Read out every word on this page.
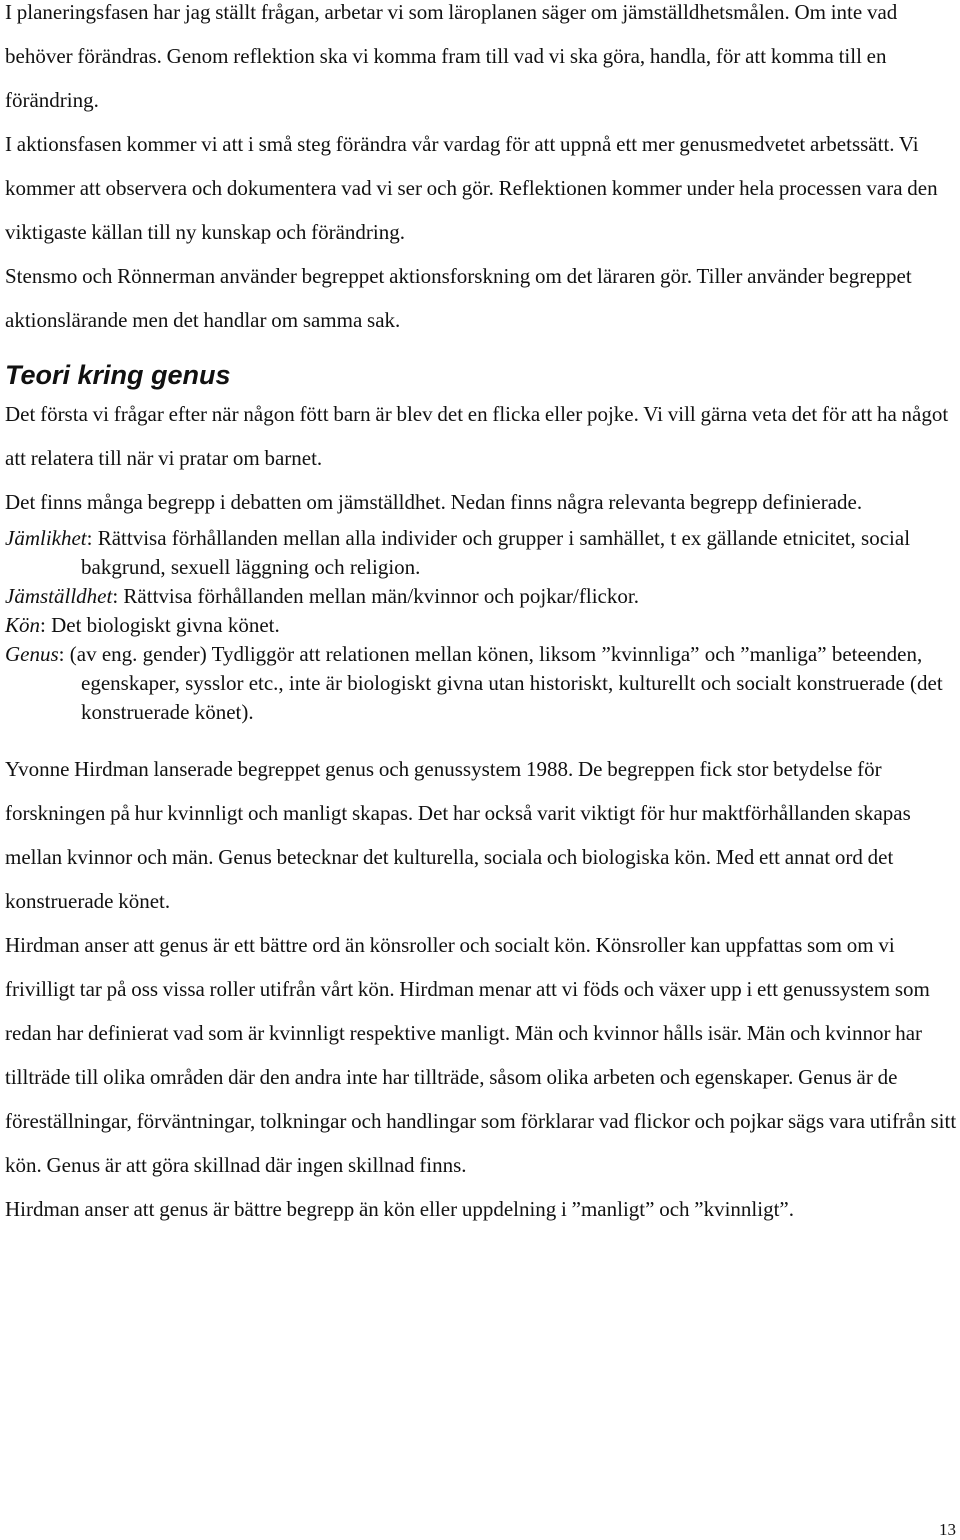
I planeringsfasen har jag ställt frågan, arbetar vi som läroplanen säger om jämställdhetsmålen. Om inte vad behöver förändras. Genom reflektion ska vi komma fram till vad vi ska göra, handla, för att komma till en förändring.

I aktionsfasen kommer vi att i små steg förändra vår vardag för att uppnå ett mer genusmedvetet arbetssätt. Vi kommer att observera och dokumentera vad vi ser och gör. Reflektionen kommer under hela processen vara den viktigaste källan till ny kunskap och förändring.

Stensmo och Rönnerman använder begreppet aktionsforskning om det läraren gör. Tiller använder begreppet aktionslärande men det handlar om samma sak.

Teori kring genus

Det första vi frågar efter när någon fött barn är blev det en flicka eller pojke. Vi vill gärna veta det för att ha något att relatera till när vi pratar om barnet.

Det finns många begrepp i debatten om jämställdhet. Nedan finns några relevanta begrepp definierade.

Jämlikhet: Rättvisa förhållanden mellan alla individer och grupper i samhället, t ex gällande etnicitet, social bakgrund, sexuell läggning och religion.
Jämställdhet: Rättvisa förhållanden mellan män/kvinnor och pojkar/flickor.
Kön: Det biologiskt givna könet.
Genus: (av eng. gender) Tydliggör att relationen mellan könen, liksom ”kvinnliga” och ”manliga” beteenden, egenskaper, sysslor etc., inte är biologiskt givna utan historiskt, kulturellt och socialt konstruerade (det konstruerade könet).

Yvonne Hirdman lanserade begreppet genus och genussystem 1988. De begreppen fick stor betydelse för forskningen på hur kvinnligt och manligt skapas. Det har också varit viktigt för hur maktförhållanden skapas mellan kvinnor och män. Genus betecknar det kulturella, sociala och biologiska kön. Med ett annat ord det konstruerade könet.

Hirdman anser att genus är ett bättre ord än könsroller och socialt kön. Könsroller kan uppfattas som om vi frivilligt tar på oss vissa roller utifrån vårt kön. Hirdman menar att vi föds och växer upp i ett genussystem som redan har definierat vad som är kvinnligt respektive manligt. Män och kvinnor hålls isär. Män och kvinnor har tillträde till olika områden där den andra inte har tillträde, såsom olika arbeten och egenskaper. Genus är de föreställningar, förväntningar, tolkningar och handlingar som förklarar vad flickor och pojkar sägs vara utifrån sitt kön. Genus är att göra skillnad där ingen skillnad finns.

Hirdman anser att genus är bättre begrepp än kön eller uppdelning i ”manligt” och ”kvinnligt”.

13
